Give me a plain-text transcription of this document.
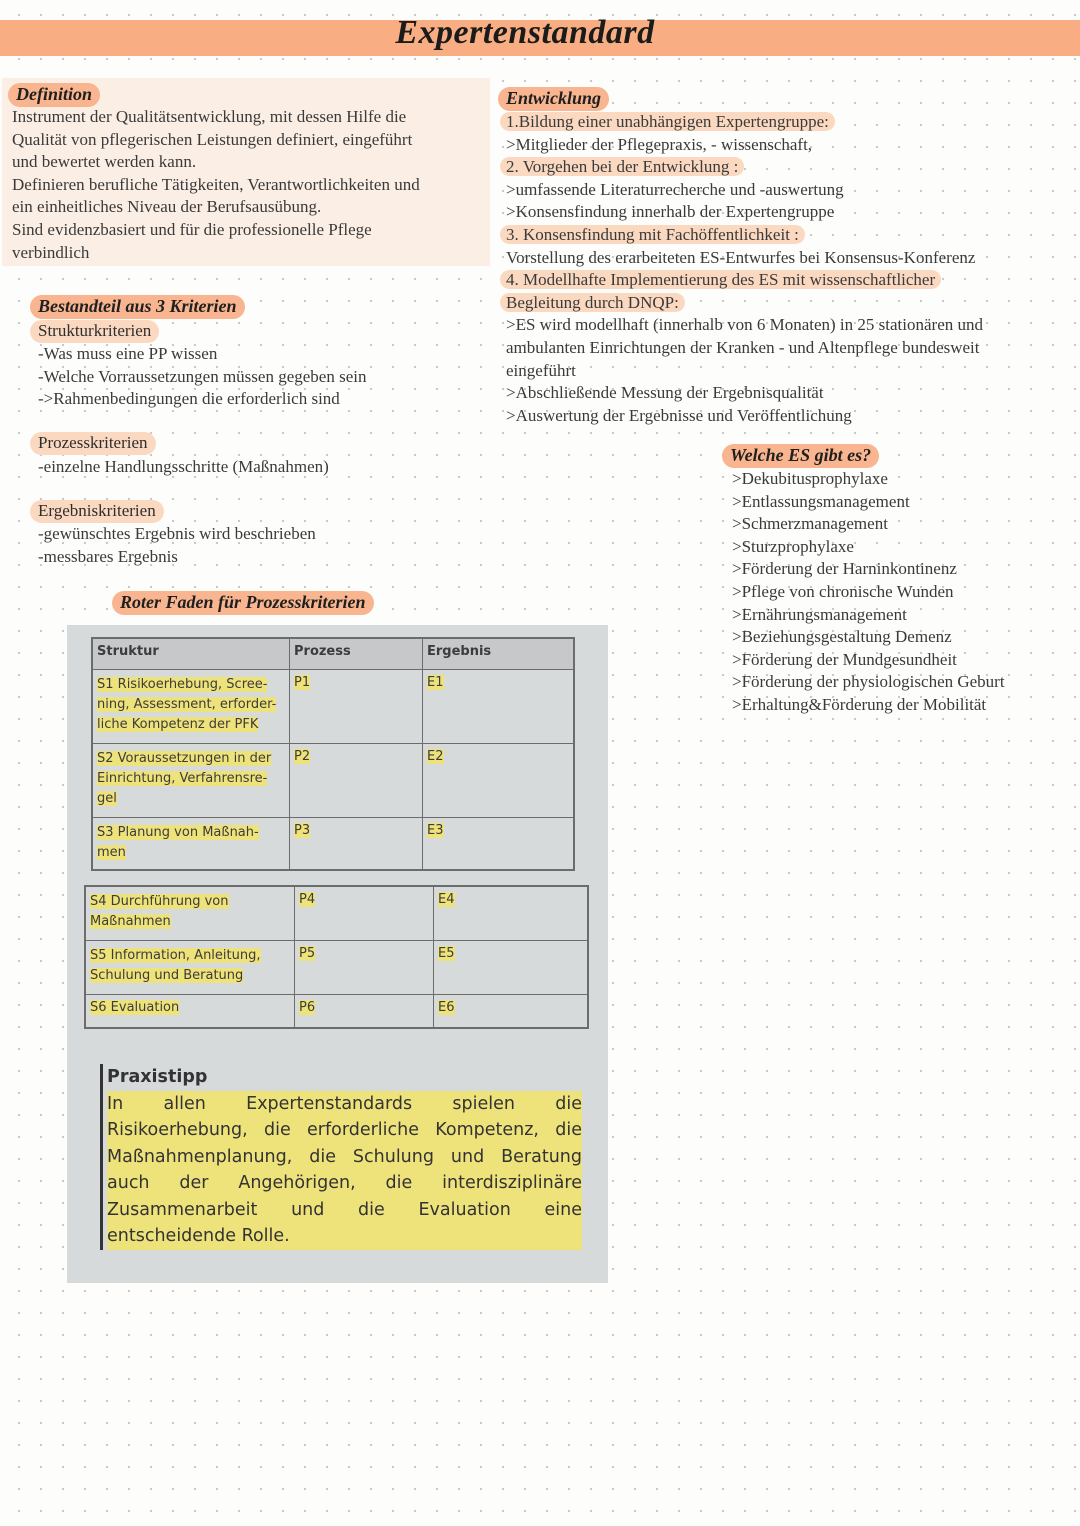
Expertenstandard
Definition
Instrument der Qualitätsentwicklung, mit dessen Hilfe die
Qualität von pflegerischen Leistungen definiert, eingeführt
und bewertet werden kann.
Definieren berufliche Tätigkeiten, Verantwortlichkeiten und
ein einheitliches Niveau der Berufsausübung.
Sind evidenzbasiert und für die professionelle Pflege
verbindlich
Bestandteil aus 3 Kriterien
Strukturkriterien
-Was muss eine PP wissen
-Welche Vorraussetzungen müssen gegeben sein
->Rahmenbedingungen die erforderlich sind
Prozesskriterien
-einzelne Handlungsschritte (Maßnahmen)
Ergebniskriterien
-gewünschtes Ergebnis wird beschrieben
-messbares Ergebnis
Roter Faden für Prozesskriterien
Struktur	Prozess	Ergebnis
S1 Risikoerhebung, Scree-
ning, Assessment, erforder-
liche Kompetenz der PFK	P1	E1
S2 Voraussetzungen in der
Einrichtung, Verfahrensre-
gel	P2	E2
S3 Planung von Maßnah-
men	P3	E3
S4 Durchführung von
Maßnahmen	P4	E4
S5 Information, Anleitung,
Schulung und Beratung	P5	E5
S6 Evaluation	P6	E6
Praxistipp
In allen Expertenstandards spielen die Risikoerhebung, die erforderliche Kompetenz, die Maßnahmenplanung, die Schulung und Beratung auch der Angehörigen, die interdisziplinäre Zusammenarbeit und die Evaluation eine entscheidende Rolle.
Entwicklung
1.Bildung einer unabhängigen Expertengruppe:
>Mitglieder der Pflegepraxis, - wissenschaft,
2. Vorgehen bei der Entwicklung :
>umfassende Literaturrecherche und -auswertung
>Konsensfindung innerhalb der Expertengruppe
3. Konsensfindung mit Fachöffentlichkeit :
Vorstellung des erarbeiteten ES-Entwurfes bei Konsensus-Konferenz
4. Modellhafte Implementierung des ES mit wissenschaftlicher
Begleitung durch DNQP:
>ES wird modellhaft (innerhalb von 6 Monaten) in 25 stationären und
ambulanten Einrichtungen der Kranken - und Altenpflege bundesweit
eingeführt
>Abschließende Messung der Ergebnisqualität
>Auswertung der Ergebnisse und Veröffentlichung
Welche ES gibt es?
>Dekubitusprophylaxe
>Entlassungsmanagement
>Schmerzmanagement
>Sturzprophylaxe
>Förderung der Harninkontinenz
>Pflege von chronische Wunden
>Ernährungsmanagement
>Beziehungsgestaltung Demenz
>Förderung der Mundgesundheit
>Förderung der physiologischen Geburt
>Erhaltung&Förderung der Mobilität
